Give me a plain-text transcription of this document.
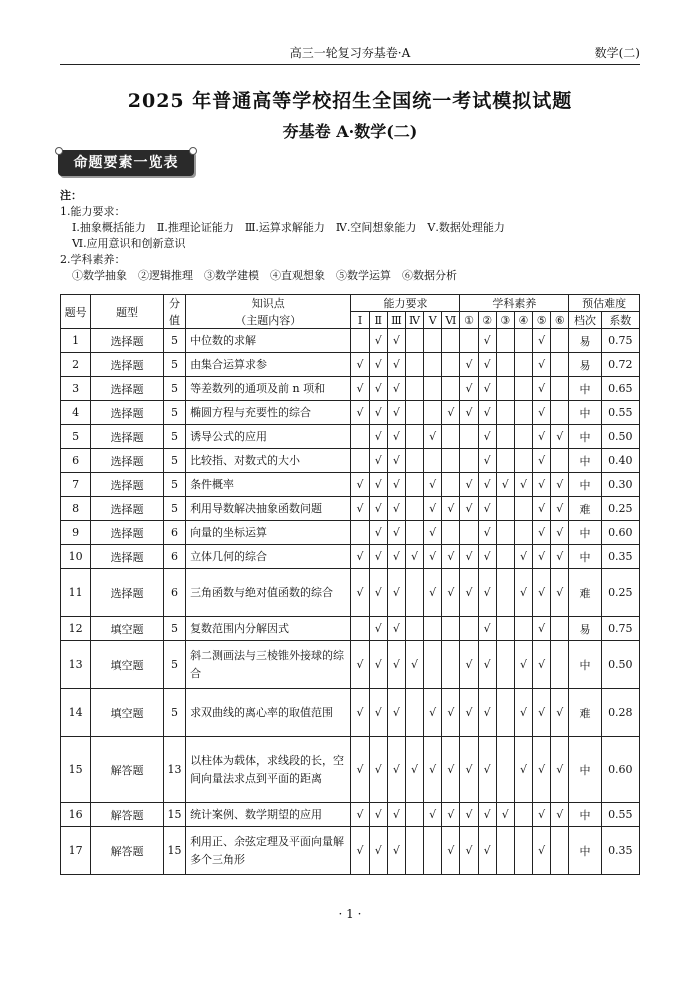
高三一轮复习夯基卷·A	数学(二)
2025 年普通高等学校招生全国统一考试模拟试题
夯基卷 A·数学(二)
命题要素一览表
注：
1.能力要求：
Ⅰ.抽象概括能力　Ⅱ.推理论证能力　Ⅲ.运算求解能力　Ⅳ.空间想象能力　Ⅴ.数据处理能力
Ⅵ.应用意识和创新意识
2.学科素养：
①数学抽象　②逻辑推理　③数学建模　④直观想象　⑤数学运算　⑥数据分析
题号	题型	分	知识点	能力要求						学科素养						预估难度	
		值	（主题内容）	Ⅰ	Ⅱ	Ⅲ	Ⅳ	Ⅴ	Ⅵ	①	②	③	④	⑤	⑥	档次	系数
1	选择题	5	中位数的求解		√	√					√			√		易	0.75
2	选择题	5	由集合运算求参	√	√	√				√	√			√		易	0.72
3	选择题	5	等差数列的通项及前 n 项和	√	√	√				√	√			√		中	0.65
4	选择题	5	椭圆方程与充要性的综合	√	√	√			√	√	√			√		中	0.55
5	选择题	5	诱导公式的应用		√	√		√			√			√	√	中	0.50
6	选择题	5	比较指、对数式的大小		√	√					√			√		中	0.40
7	选择题	5	条件概率	√	√	√		√		√	√	√	√	√	√	中	0.30
8	选择题	5	利用导数解决抽象函数问题	√	√	√		√	√	√	√			√	√	难	0.25
9	选择题	6	向量的坐标运算		√	√		√			√			√	√	中	0.60
10	选择题	6	立体几何的综合	√	√	√	√	√	√	√	√		√	√	√	中	0.35
11	选择题	6	三角函数与绝对值函数的综合	√	√	√		√	√	√	√		√	√	√	难	0.25
12	填空题	5	复数范围内分解因式		√	√					√			√		易	0.75
13	填空题	5	斜二测画法与三棱锥外接球的综合	√	√	√	√			√	√		√	√		中	0.50
14	填空题	5	求双曲线的离心率的取值范围	√	√	√		√	√	√	√		√	√	√	难	0.28
15	解答题	13	以柱体为载体，求线段的长，空间向量法求点到平面的距离	√	√	√	√	√	√	√	√		√	√	√	中	0.60
16	解答题	15	统计案例、数学期望的应用	√	√	√		√	√	√	√	√		√	√	中	0.55
17	解答题	15	利用正、余弦定理及平面向量解多个三角形	√	√	√			√	√	√			√		中	0.35
· 1 ·
